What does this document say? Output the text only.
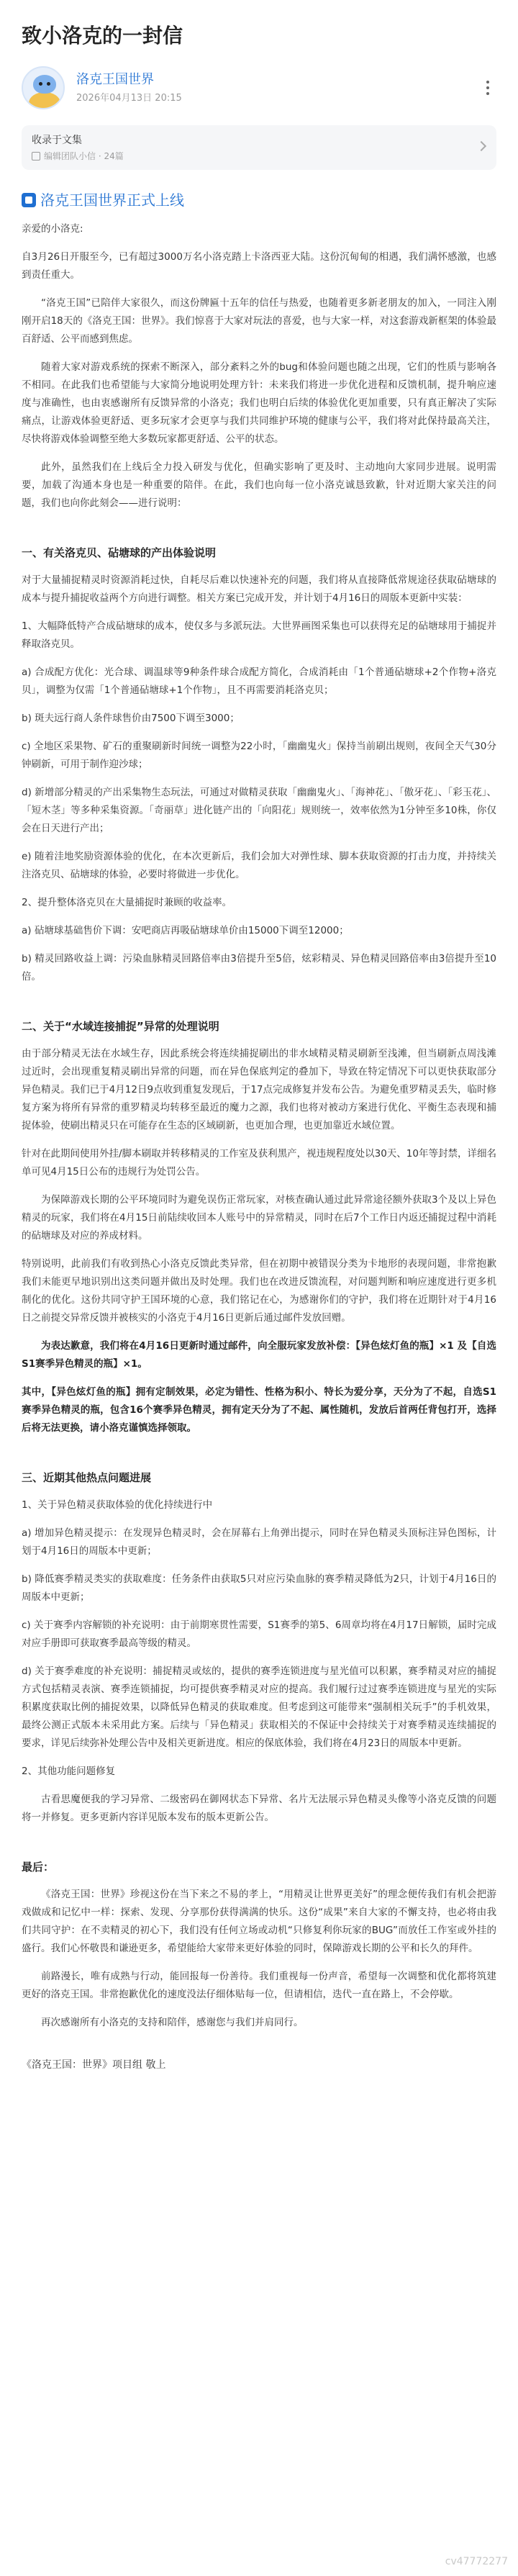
致小洛克的一封信
洛克王国世界
2026年04月13日 20:15
收录于文集
编辑团队小信 · 24篇
洛克王国世界正式上线

亲爱的小洛克:

自3月26日开服至今，已有超过3000万名小洛克踏上卡洛西亚大陆。这份沉甸甸的相遇，我们满怀感激，也感到责任重大。

“洛克王国”已陪伴大家很久，而这份牌匾十五年的信任与热爱，也随着更多新老朋友的加入，一同注入刚刚开启18天的《洛克王国：世界》。我们惊喜于大家对玩法的喜爱，也与大家一样，对这套游戏新框架的体验最百舒适、公平而感到焦虑。

随着大家对游戏系统的探索不断深入，部分紊料之外的bug和体验问题也随之出现，它们的性质与影响各不相同。在此我们也希望能与大家简分地说明处理方针：未来我们将进一步优化进程和反馈机制，提升响应速度与准确性，也由衷感谢所有反馈异常的小洛克；我们也明白后续的体验优化更加重要，只有真正解决了实际痛点，让游戏体验更舒适、更多玩家才会更享与我们共同维护环境的健康与公平，我们将对此保持最高关注，尽快将游戏体验调整至绝大多数玩家都更舒适、公平的状态。

此外，虽然我们在上线后全力投入研发与优化，但确实影响了更及时、主动地向大家同步进展。说明需要，加载了沟通本身也是一种重要的陪伴。在此，我们也向每一位小洛克诚恳致歉，针对近期大家关注的问题，我们也向你此刻会——进行说明：

一、有关洛克贝、砧塘球的产出体验说明

对于大量捕捉精灵时资源消耗过快，自耗尽后难以快速补充的问题，我们将从直接降低常规途径获取砧塘球的成本与提升捕捉收益两个方向进行调整。相关方案已完成开发，并计划于4月16日的周版本更新中实装：

1、大幅降低特产合成砧塘球的成本，使仅多与多派玩法。大世界画图采集也可以获得充足的砧塘球用于捕捉并释取洛克贝。

a) 合成配方优化：光合球、调温球等9种条件球合成配方简化，合成消耗由「1个普通砧塘球+2个作物+洛克贝」，调整为仅需「1个普通砧塘球+1个作物」，且不再需要消耗洛克贝；

b) 斑夫远行商人条件球售价由7500下调至3000；

c) 全地区采果物、矿石的重聚刷新时间统一调整为22小时，「幽幽鬼火」保持当前刷出规则，夜间全天气30分钟刷新，可用于制作迎沙球；

d) 新增部分精灵的产出采集物生态玩法，可通过对做精灵获取「幽幽鬼火」、「海神花」、「傲牙花」、「彩玉花」、「短木茎」等多种采集资源。「奇丽草」进化链产出的「向阳花」规则统一，效率依然为1分钟至多10株，你仅会在日天进行产出；

e) 随着洼地奖励资源体验的优化，在本次更新后，我们会加大对弹性球、脚本获取资源的打击力度，并持续关注洛克贝、砧塘球的体验，必要时将做进一步优化。

2、提升整体洛克贝在大量捕捉时兼顾的收益率。

a) 砧塘球基础售价下调：安吧商店再吸砧塘球单价由15000下调至12000；

b) 精灵回路收益上调：污染血脉精灵回路倍率由3倍提升至5倍，炫彩精灵、异色精灵回路倍率由3倍提升至10倍。

二、关于“水域连接捕捉”异常的处理说明

由于部分精灵无法在水域生存，因此系统会将连续捕捉刷出的非水域精灵精灵刷新至浅滩，但当刷新点周浅滩过近时，会出现重复精灵刷出异常的问题，而在异色保底判定的叠加下，导致在特定情况下可以更快获取部分异色精灵。我们已于4月12日9点收到重复发现后，于17点完成修复并发布公告。为避免重罗精灵丢失，临时修复方案为将所有异常的重罗精灵均转移至最近的魔力之源，我们也将对被动方案进行优化、平衡生态表现和捕捉体验，使刷出精灵只在可能存在生态的区域刷新，也更加合理，也更加靠近水域位置。

针对在此期间使用外挂/脚本刷取并转移精灵的工作室及获利黑产，视违规程度处以30天、10年等封禁，详细名单可见4月15日公布的违规行为处罚公告。

为保障游戏长期的公平环境同时为避免误伤正常玩家，对核查确认通过此异常途径额外获取3个及以上异色精灵的玩家，我们将在4月15日前陆续收回本人账号中的异常精灵，同时在后7个工作日内返还捕捉过程中消耗的砧塘球及对应的养成材料。

特别说明，此前我们有收到热心小洛克反馈此类异常，但在初期中被错误分类为卡地形的表现问题，非常抱歉我们未能更早地识别出这类问题并做出及时处理。我们也在改进反馈流程，对问题判断和响应速度进行更多机制化的优化。这份共同守护王国环境的心意，我们铭记在心，为感谢你们的守护，我们将在近期针对于4月16日之前提交异常反馈并被核实的小洛克于4月16日更新后通过邮件发放回赠。

为表达歉意，我们将在4月16日更新时通过邮件，向全服玩家发放补偿：【异色炫灯鱼的瓶】×1 及【自选S1赛季异色精灵的瓶】×1。

其中，【异色炫灯鱼的瓶】拥有定制效果，必定为错性、性格为积小、特长为爱分享，天分为了不起，自选S1赛季异色精灵的瓶，包含16个赛季异色精灵，拥有定天分为了不起、属性随机，发放后首两任背包打开，选择后将无法更换，请小洛克谨慎选择领取。

三、近期其他热点问题进展

1、关于异色精灵获取体验的优化持续进行中

a) 增加异色精灵提示：在发现异色精灵时，会在屏幕右上角弹出提示，同时在异色精灵头顶标注异色图标，计划于4月16日的周版本中更新；

b) 降低赛季精灵类实的获取难度：任务条件由获取5只对应污染血脉的赛季精灵降低为2只，计划于4月16日的周版本中更新；

c) 关于赛季内容解锁的补充说明：由于前期寒贯性需要，S1赛季的第5、6周章均将在4月17日解锁，届时完成对应手册即可获取赛季最高等级的精灵。

d) 关于赛季难度的补充说明：捕捉精灵或炫的，提供的赛季连锁进度与星光值可以积累，赛季精灵对应的捕捉方式包括精灵表演、赛季连锁捕捉，均可提供赛季精灵对应的提高。我们履行过过赛季连锁进度与星光的实际积累度获取比例的捕捉效果，以降低异色精灵的获取难度。但考虑到这可能带来“强制相关玩手”的手机效果，最终公测正式版本未采用此方案。后续与「异色精灵」获取相关的不保证中会持续关于对赛季精灵连续捕捉的要求，详见后续弥补处理公告中及相关更新进度。相应的保底体验，我们将在4月23日的周版本中更新。

2、其他功能问题修复

古看思魔便我的学习异常、二级密码在御网状态下异常、名片无法展示异色精灵头像等小洛克反馈的问题将一并修复。更多更新内容详见版本发布的版本更新公告。

最后：

《洛克王国：世界》珍视这份在当下来之不易的孝上，“用精灵让世界更美好”的理念便传我们有机会把游戏做成和记忆中一样：探索、发现、分享那份获得满满的快乐。这份“成果”来自大家的不懈支持，也必将由我们共同守护：在不卖精灵的初心下，我们没有任何立场或动机“只修复利你玩家的BUG”而放任工作室或外挂的盛行。我们心怀敬畏和谦逊更多，希望能给大家带来更好体验的同时，保障游戏长期的公平和长久的拜件。

前路漫长，唯有成熟与行动，能回报每一份善待。我们重视每一份声音，希望每一次调整和优化都将筑建更好的洛克王国。非常抱歉优化的速度没法仔细体贴每一位，但请相信，迭代一直在路上，不会停歇。

再次感谢所有小洛克的支持和陪伴，感谢您与我们并肩同行。

《洛克王国：世界》项目组 敬上

cv47772277
